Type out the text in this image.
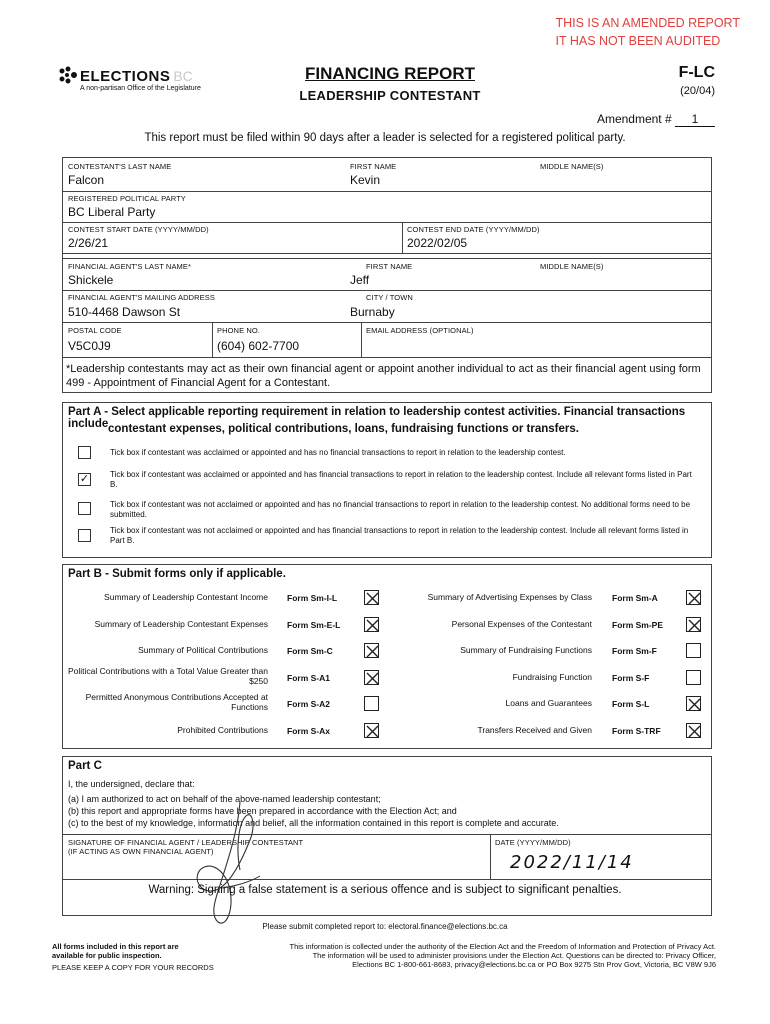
THIS IS AN AMENDED REPORT
IT HAS NOT BEEN AUDITED
ELECTIONS BC
A non-partisan Office of the Legislature
FINANCING REPORT
LEADERSHIP CONTESTANT
F-LC
(20/04)
Amendment # 1
This report must be filed within 90 days after a leader is selected for a registered political party.
CONTESTANT'S LAST NAME
Falcon
FIRST NAME
Kevin
MIDDLE NAME(S)
REGISTERED POLITICAL PARTY
BC Liberal Party
CONTEST START DATE (YYYY/MM/DD)
2/26/21
CONTEST END DATE (YYYY/MM/DD)
2022/02/05
FINANCIAL AGENT'S LAST NAME*
Shickele
FIRST NAME
Jeff
MIDDLE NAME(S)
FINANCIAL AGENT'S MAILING ADDRESS
510-4468 Dawson St
CITY / TOWN
Burnaby
POSTAL CODE
V5C0J9
PHONE NO.
(604) 602-7700
EMAIL ADDRESS (OPTIONAL)
*Leadership contestants may act as their own financial agent or appoint another individual to act as their financial agent using form 499 - Appointment of Financial Agent for a Contestant.
Part A - Select applicable reporting requirement in relation to leadership contest activities. Financial transactions include contestant expenses, political contributions, loans, fundraising functions or transfers.
Tick box if contestant was acclaimed or appointed and has no financial transactions to report in relation to the leadership contest.
✓	Tick box if contestant was acclaimed or appointed and has financial transactions to report in relation to the leadership contest. Include all relevant forms listed in Part B.
Tick box if contestant was not acclaimed or appointed and has no financial transactions to report in relation to the leadership contest. No additional forms need to be submitted.
Tick box if contestant was not acclaimed or appointed and has financial transactions to report in relation to the leadership contest. Include all relevant forms listed in Part B.
Part B - Submit forms only if applicable.
Summary of Leadership Contestant Income Form Sm-I-L
Summary of Leadership Contestant Expenses Form Sm-E-L
Summary of Political Contributions Form Sm-C
Political Contributions with a Total Value Greater than $250 Form S-A1
Permitted Anonymous Contributions Accepted at Functions Form S-A2
Prohibited Contributions Form S-Ax
Summary of Advertising Expenses by Class Form Sm-A
Personal Expenses of the Contestant Form Sm-PE
Summary of Fundraising Functions Form Sm-F
Fundraising Function Form S-F
Loans and Guarantees Form S-L
Transfers Received and Given Form S-TRF
Part C
I, the undersigned, declare that:
(a) I am authorized to act on behalf of the above-named leadership contestant;
(b) this report and appropriate forms have been prepared in accordance with the Election Act; and
(c) to the best of my knowledge, information and belief, all the information contained in this report is complete and accurate.
SIGNATURE OF FINANCIAL AGENT / LEADERSHIP CONTESTANT
(IF ACTING AS OWN FINANCIAL AGENT)
DATE (YYYY/MM/DD)
2022/11/14
Warning: Signing a false statement is a serious offence and is subject to significant penalties.
Please submit completed report to: electoral.finance@elections.bc.ca
All forms included in this report are
available for public inspection.
PLEASE KEEP A COPY FOR YOUR RECORDS
This information is collected under the authority of the Election Act and the Freedom of Information and Protection of Privacy Act.
The information will be used to administer provisions under the Election Act. Questions can be directed to: Privacy Officer,
Elections BC 1-800-661-8683, privacy@elections.bc.ca or PO Box 9275 Stn Prov Govt, Victoria, BC V8W 9J6
